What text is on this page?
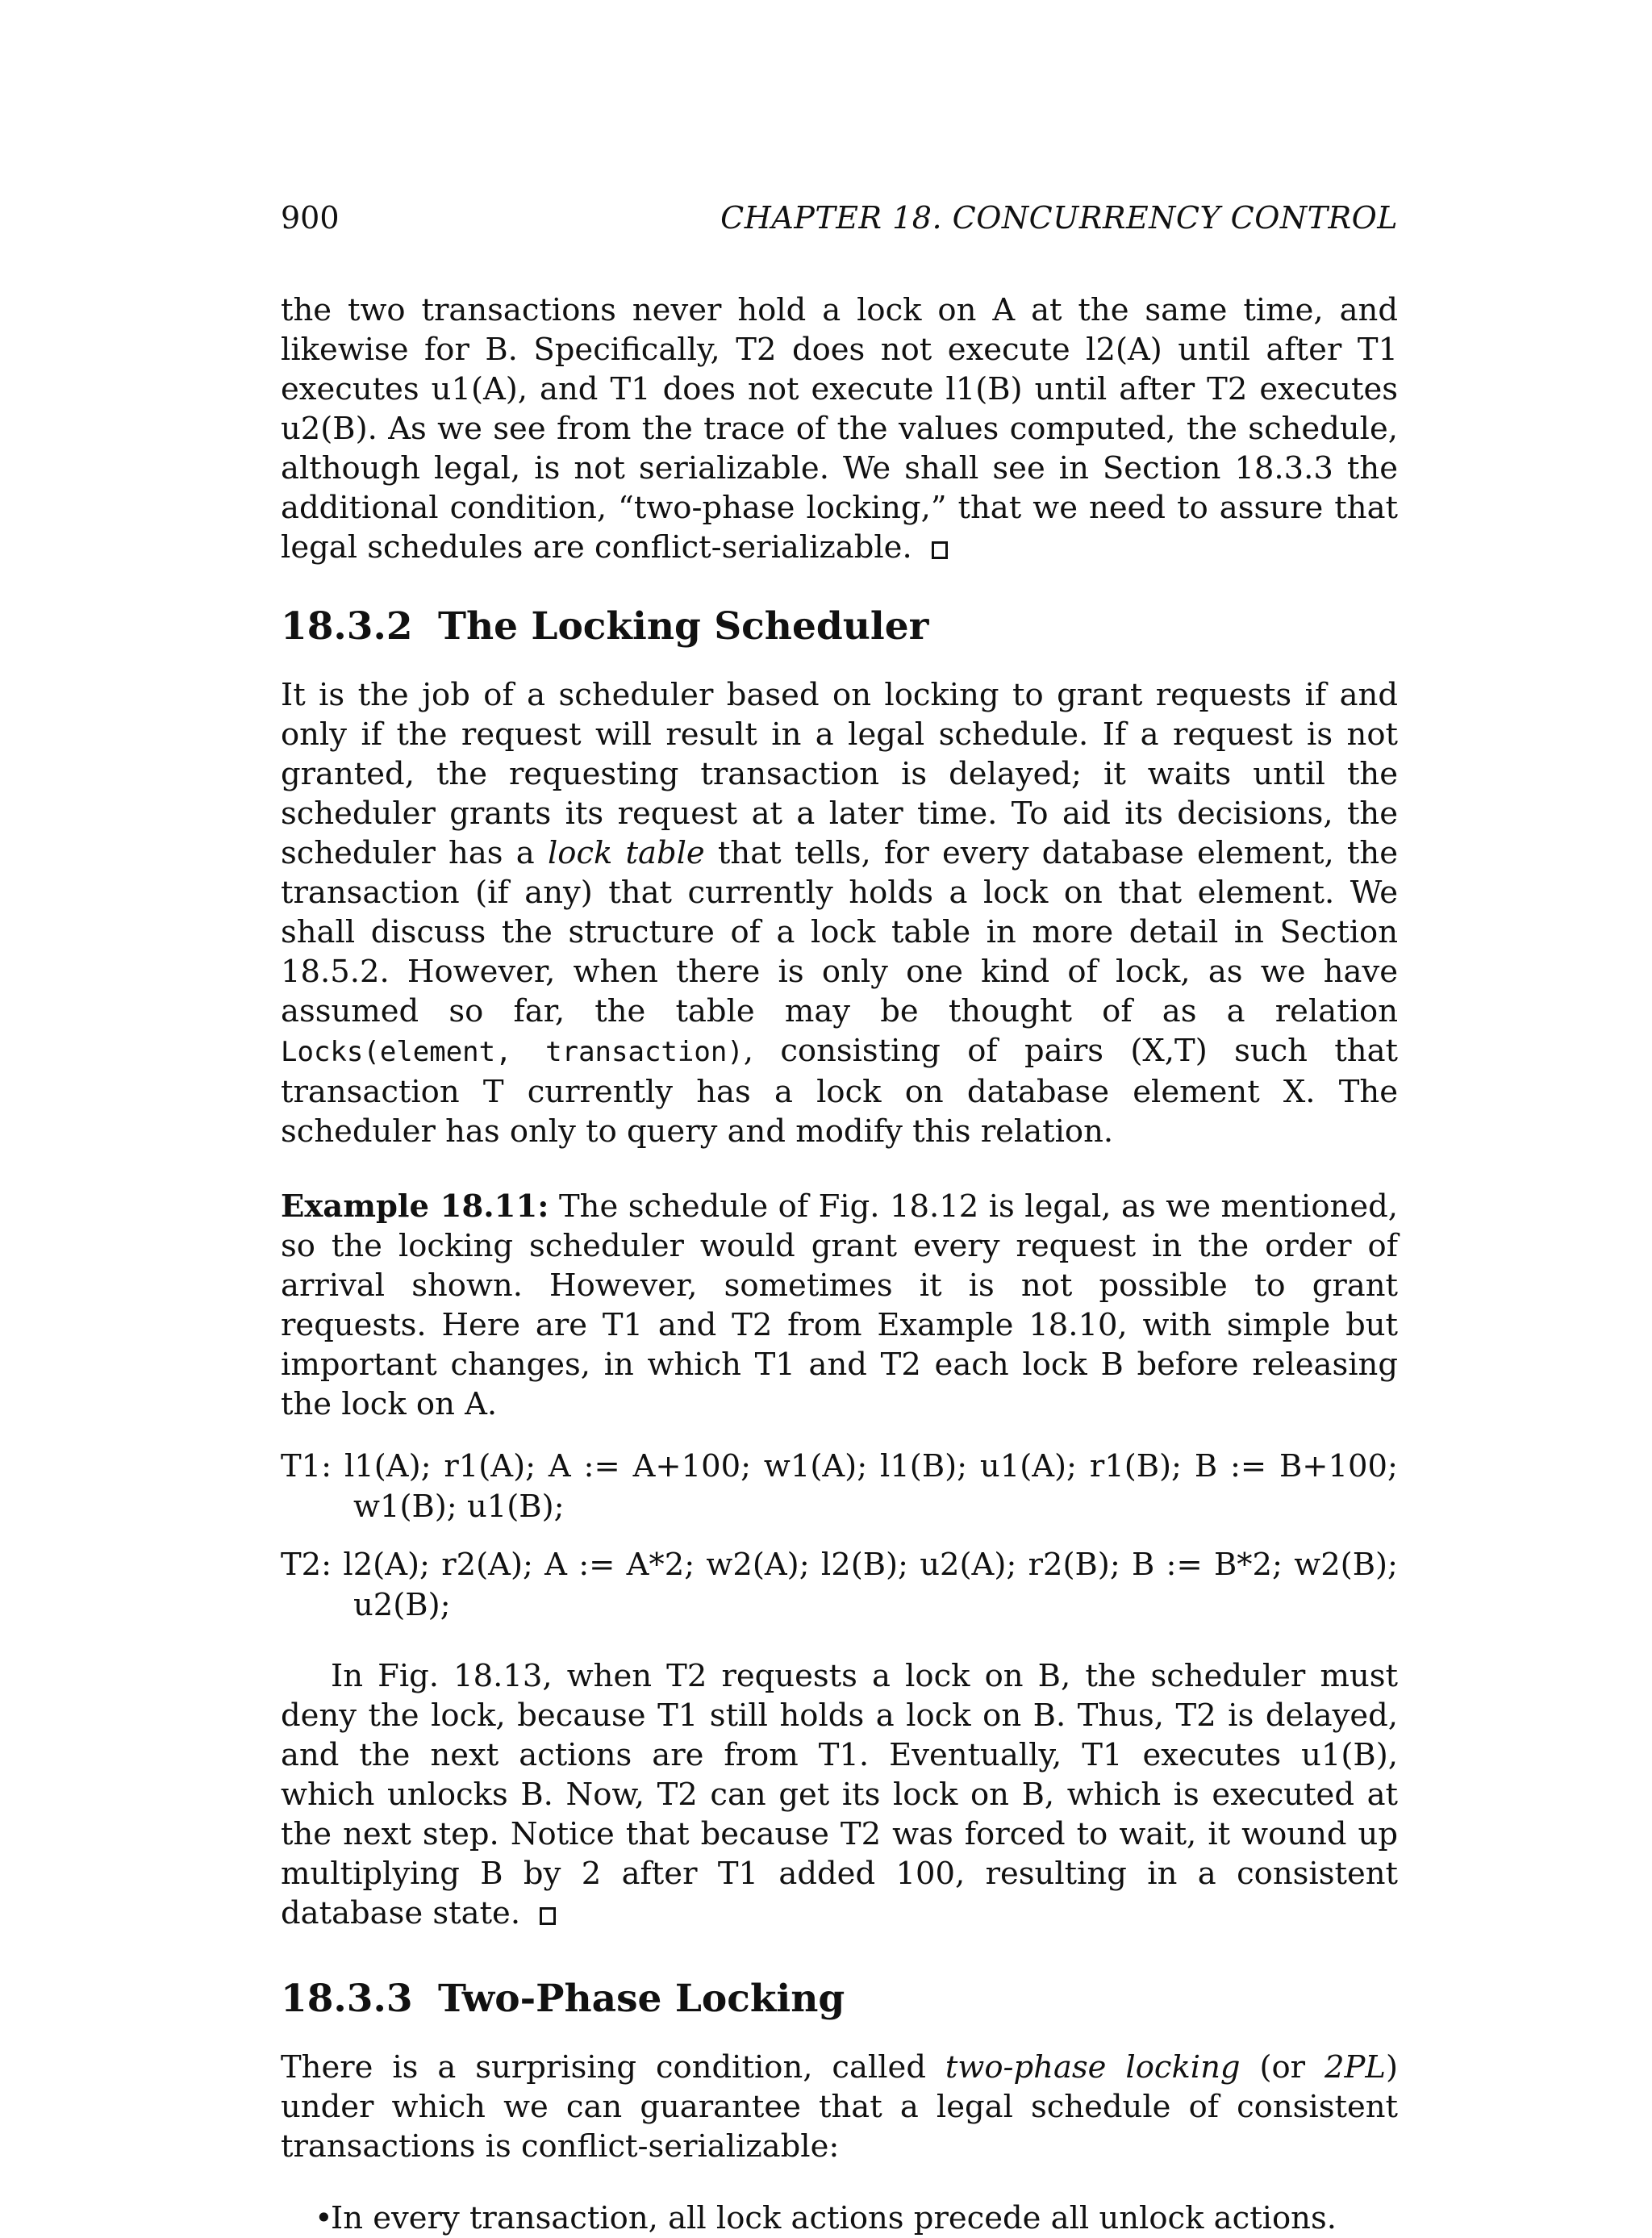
900	CHAPTER 18. CONCURRENCY CONTROL

the two transactions never hold a lock on A at the same time, and likewise for B. Specifically, T2 does not execute l2(A) until after T1 executes u1(A), and T1 does not execute l1(B) until after T2 executes u2(B). As we see from the trace of the values computed, the schedule, although legal, is not serializable. We shall see in Section 18.3.3 the additional condition, “two-phase locking,” that we need to assure that legal schedules are conflict-serializable.

18.3.2 The Locking Scheduler

It is the job of a scheduler based on locking to grant requests if and only if the request will result in a legal schedule. If a request is not granted, the requesting transaction is delayed; it waits until the scheduler grants its request at a later time. To aid its decisions, the scheduler has a lock table that tells, for every database element, the transaction (if any) that currently holds a lock on that element. We shall discuss the structure of a lock table in more detail in Section 18.5.2. However, when there is only one kind of lock, as we have assumed so far, the table may be thought of as a relation Locks(element, transaction), consisting of pairs (X,T) such that transaction T currently has a lock on database element X. The scheduler has only to query and modify this relation.

Example 18.11: The schedule of Fig. 18.12 is legal, as we mentioned, so the locking scheduler would grant every request in the order of arrival shown. However, sometimes it is not possible to grant requests. Here are T1 and T2 from Example 18.10, with simple but important changes, in which T1 and T2 each lock B before releasing the lock on A.

T1: l1(A); r1(A); A := A+100; w1(A); l1(B); u1(A); r1(B); B := B+100; w1(B); u1(B);

T2: l2(A); r2(A); A := A*2; w2(A); l2(B); u2(A); r2(B); B := B*2; w2(B); u2(B);

In Fig. 18.13, when T2 requests a lock on B, the scheduler must deny the lock, because T1 still holds a lock on B. Thus, T2 is delayed, and the next actions are from T1. Eventually, T1 executes u1(B), which unlocks B. Now, T2 can get its lock on B, which is executed at the next step. Notice that because T2 was forced to wait, it wound up multiplying B by 2 after T1 added 100, resulting in a consistent database state.

18.3.3 Two-Phase Locking

There is a surprising condition, called two-phase locking (or 2PL) under which we can guarantee that a legal schedule of consistent transactions is conflict-serializable:

•
In every transaction, all lock actions precede all unlock actions.
